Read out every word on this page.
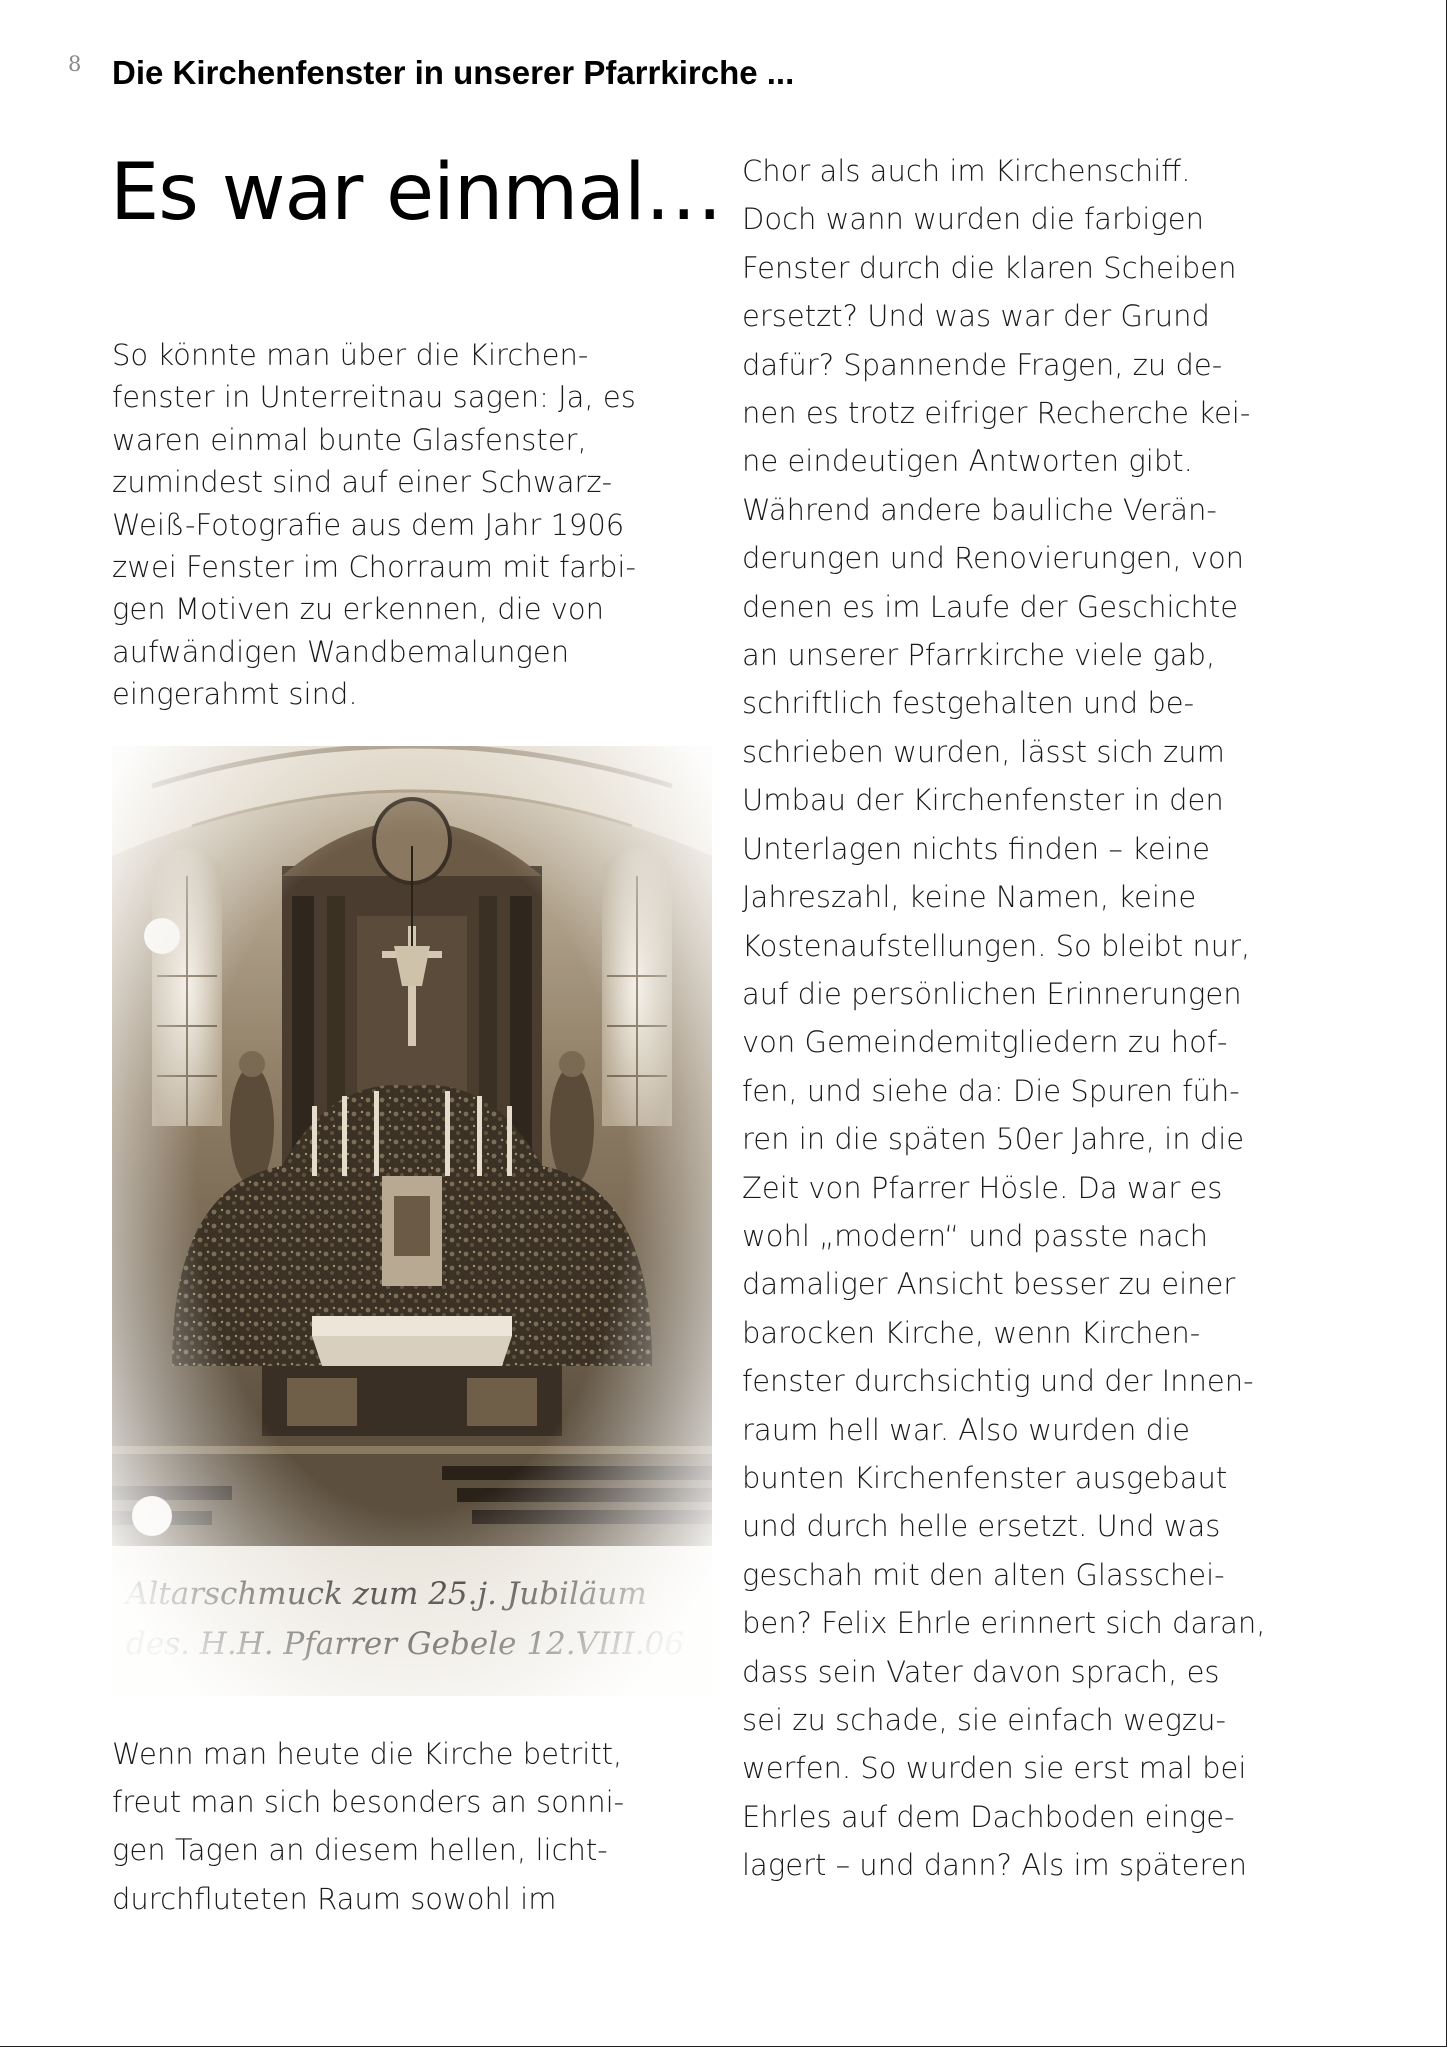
8 Die Kirchenfenster in unserer Pfarrkirche ...
Es war einmal…

So könnte man über die Kirchen-
fenster in Unterreitnau sagen: Ja, es
waren einmal bunte Glasfenster,
zumindest sind auf einer Schwarz-
Weiß-Fotografie aus dem Jahr 1906
zwei Fenster im Chorraum mit farbi-
gen Motiven zu erkennen, die von
aufwändigen Wandbemalungen
eingerahmt sind.

Wenn man heute die Kirche betritt,
freut man sich besonders an sonni-
gen Tagen an diesem hellen, licht-
durchfluteten Raum sowohl im

Chor als auch im Kirchenschiff.
Doch wann wurden die farbigen
Fenster durch die klaren Scheiben
ersetzt? Und was war der Grund
dafür? Spannende Fragen, zu de-
nen es trotz eifriger Recherche kei-
ne eindeutigen Antworten gibt.
Während andere bauliche Verän-
derungen und Renovierungen, von
denen es im Laufe der Geschichte
an unserer Pfarrkirche viele gab,
schriftlich festgehalten und be-
schrieben wurden, lässt sich zum
Umbau der Kirchenfenster in den
Unterlagen nichts finden – keine
Jahreszahl, keine Namen, keine
Kostenaufstellungen. So bleibt nur,
auf die persönlichen Erinnerungen
von Gemeindemitgliedern zu hof-
fen, und siehe da: Die Spuren füh-
ren in die späten 50er Jahre, in die
Zeit von Pfarrer Hösle. Da war es
wohl „modern“ und passte nach
damaliger Ansicht besser zu einer
barocken Kirche, wenn Kirchen-
fenster durchsichtig und der Innen-
raum hell war. Also wurden die
bunten Kirchenfenster ausgebaut
und durch helle ersetzt. Und was
geschah mit den alten Glasschei-
ben? Felix Ehrle erinnert sich daran,
dass sein Vater davon sprach, es
sei zu schade, sie einfach wegzu-
werfen. So wurden sie erst mal bei
Ehrles auf dem Dachboden einge-
lagert – und dann? Als im späteren
